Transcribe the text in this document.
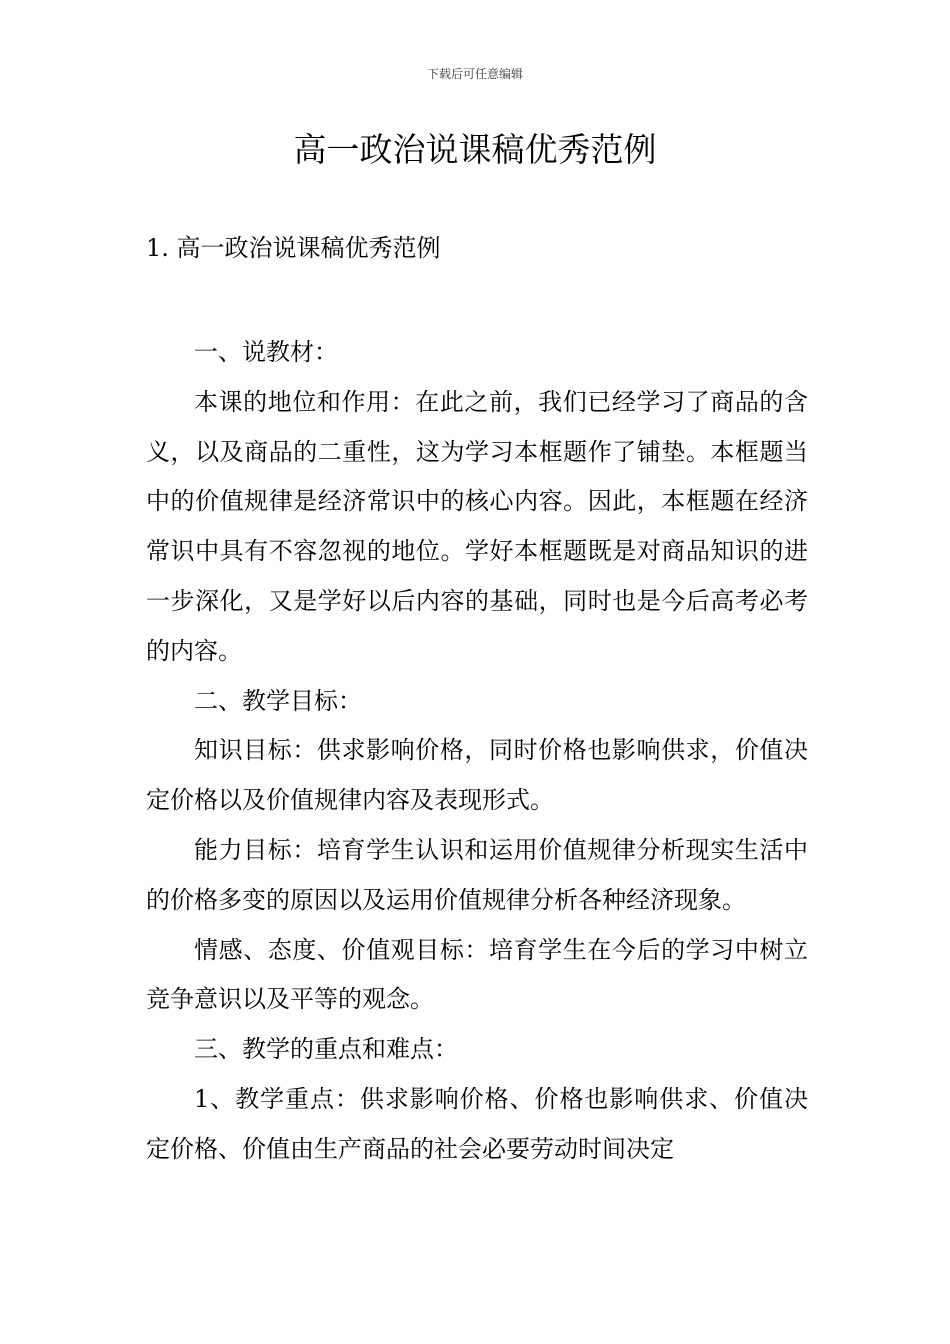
下载后可任意编辑
高一政治说课稿优秀范例
1. 高一政治说课稿优秀范例

一、说教材：

本课的地位和作用：在此之前，我们已经学习了商品的含义，以及商品的二重性，这为学习本框题作了铺垫。本框题当中的价值规律是经济常识中的核心内容。因此，本框题在经济常识中具有不容忽视的地位。学好本框题既是对商品知识的进一步深化，又是学好以后内容的基础，同时也是今后高考必考的内容。

二、教学目标：

知识目标：供求影响价格，同时价格也影响供求，价值决定价格以及价值规律内容及表现形式。

能力目标：培育学生认识和运用价值规律分析现实生活中的价格多变的原因以及运用价值规律分析各种经济现象。

情感、态度、价值观目标：培育学生在今后的学习中树立竞争意识以及平等的观念。

三、教学的重点和难点：

1、教学重点：供求影响价格、价格也影响供求、价值决定价格、价值由生产商品的社会必要劳动时间决定
